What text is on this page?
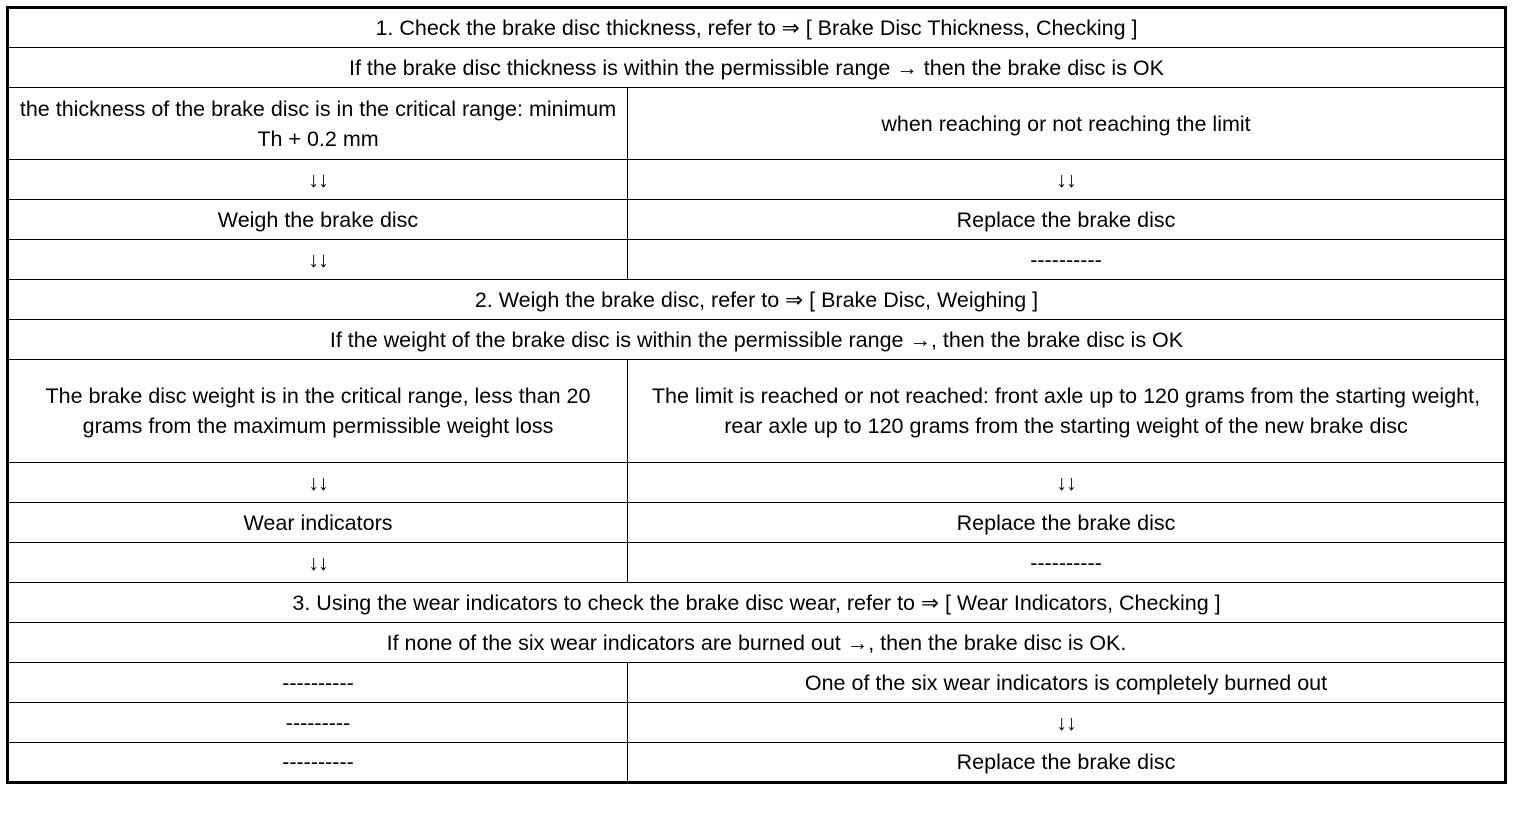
1. Check the brake disc thickness, refer to ⇒ [ Brake Disc Thickness, Checking ]	
If the brake disc thickness is within the permissible range → then the brake disc is OK	
the thickness of the brake disc is in the critical range: minimum Th + 0.2 mm	when reaching or not reaching the limit
↓↓	↓↓
Weigh the brake disc	Replace the brake disc
↓↓	----------
2. Weigh the brake disc, refer to ⇒ [ Brake Disc, Weighing ]	
If the weight of the brake disc is within the permissible range →, then the brake disc is OK	
The brake disc weight is in the critical range, less than 20 grams from the maximum permissible weight loss	The limit is reached or not reached: front axle up to 120 grams from the starting weight, rear axle up to 120 grams from the starting weight of the new brake disc
↓↓	↓↓
Wear indicators	Replace the brake disc
↓↓	----------
3. Using the wear indicators to check the brake disc wear, refer to ⇒ [ Wear Indicators, Checking ]	
If none of the six wear indicators are burned out →, then the brake disc is OK.	
----------	One of the six wear indicators is completely burned out
---------	↓↓
----------	Replace the brake disc
